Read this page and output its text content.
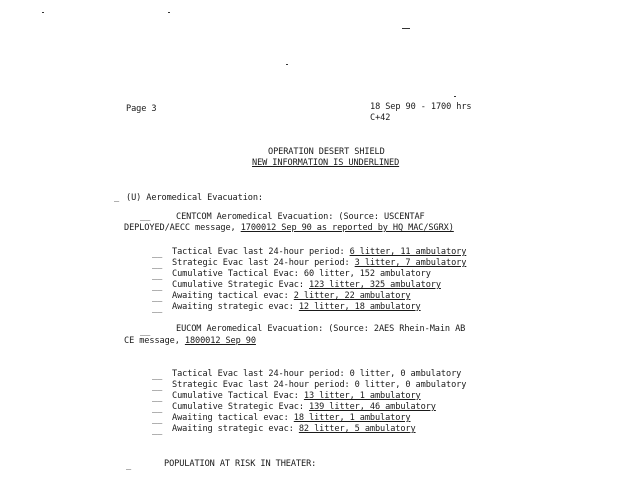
Page 3	18 Sep 90 - 1700 hrs
C+42
OPERATION DESERT SHIELD
NEW INFORMATION IS UNDERLINED
_ (U) Aeromedical Evacuation:
__	CENTCOM Aeromedical Evacuation: (Source: USCENTAF
DEPLOYED/AECC message, 1700012 Sep 90 as reported by HQ MAC/SGRX)
__ Tactical Evac last 24-hour period: 6 litter, 11 ambulatory
__ Strategic Evac last 24-hour period: 3 litter, 7 ambulatory
__ Cumulative Tactical Evac: 60 litter, 152 ambulatory
__ Cumulative Strategic Evac: 123 litter, 325 ambulatory
__ Awaiting tactical evac: 2 litter, 22 ambulatory
__ Awaiting strategic evac: 12 litter, 18 ambulatory
__	EUCOM Aeromedical Evacuation: (Source: 2AES Rhein-Main AB
CE message, 1800012 Sep 90
__ Tactical Evac last 24-hour period: 0 litter, 0 ambulatory
__ Strategic Evac last 24-hour period: 0 litter, 0 ambulatory
__ Cumulative Tactical Evac: 13 litter, 1 ambulatory
__ Cumulative Strategic Evac: 139 litter, 46 ambulatory
__ Awaiting tactical evac: 18 litter, 1 ambulatory
__ Awaiting strategic evac: 82 litter, 5 ambulatory
_	POPULATION AT RISK IN THEATER:
